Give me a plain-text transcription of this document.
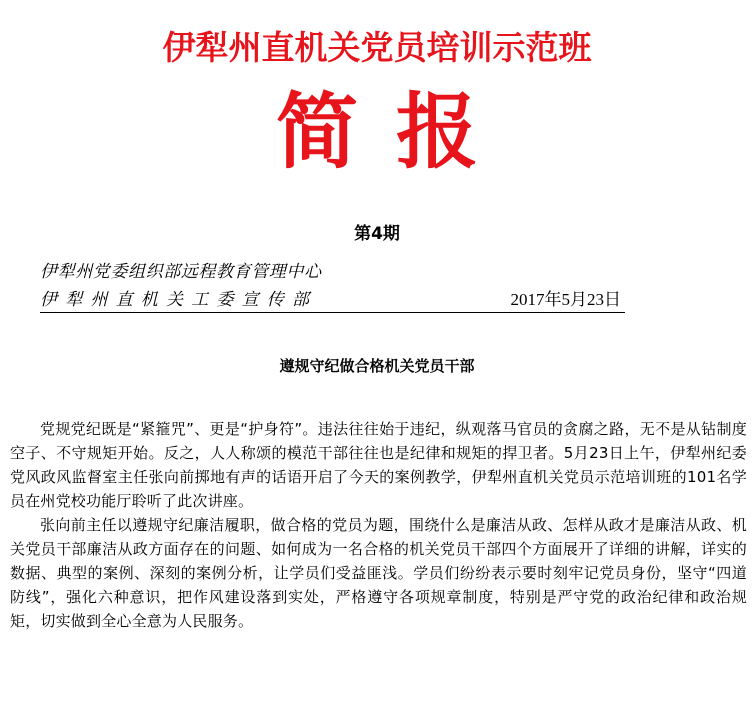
伊犁州直机关党员培训示范班
简报
第4期
伊犁州党委组织部远程教育管理中心
伊犁州直机关工委宣传部	2017年5月23日
遵规守纪做合格机关党员干部

党规党纪既是“紧箍咒”、更是“护身符”。违法往往始于违纪，纵观落马官员的贪腐之路，无不是从钻制度空子、不守规矩开始。反之，人人称颂的模范干部往往也是纪律和规矩的捍卫者。5月23日上午，伊犁州纪委党风政风监督室主任张向前掷地有声的话语开启了今天的案例教学，伊犁州直机关党员示范培训班的101名学员在州党校功能厅聆听了此次讲座。

张向前主任以遵规守纪廉洁履职，做合格的党员为题，围绕什么是廉洁从政、怎样从政才是廉洁从政、机关党员干部廉洁从政方面存在的问题、如何成为一名合格的机关党员干部四个方面展开了详细的讲解，详实的数据、典型的案例、深刻的案例分析，让学员们受益匪浅。学员们纷纷表示要时刻牢记党员身份，坚守“四道防线”，强化六种意识，把作风建设落到实处，严格遵守各项规章制度，特别是严守党的政治纪律和政治规矩，切实做到全心全意为人民服务。
